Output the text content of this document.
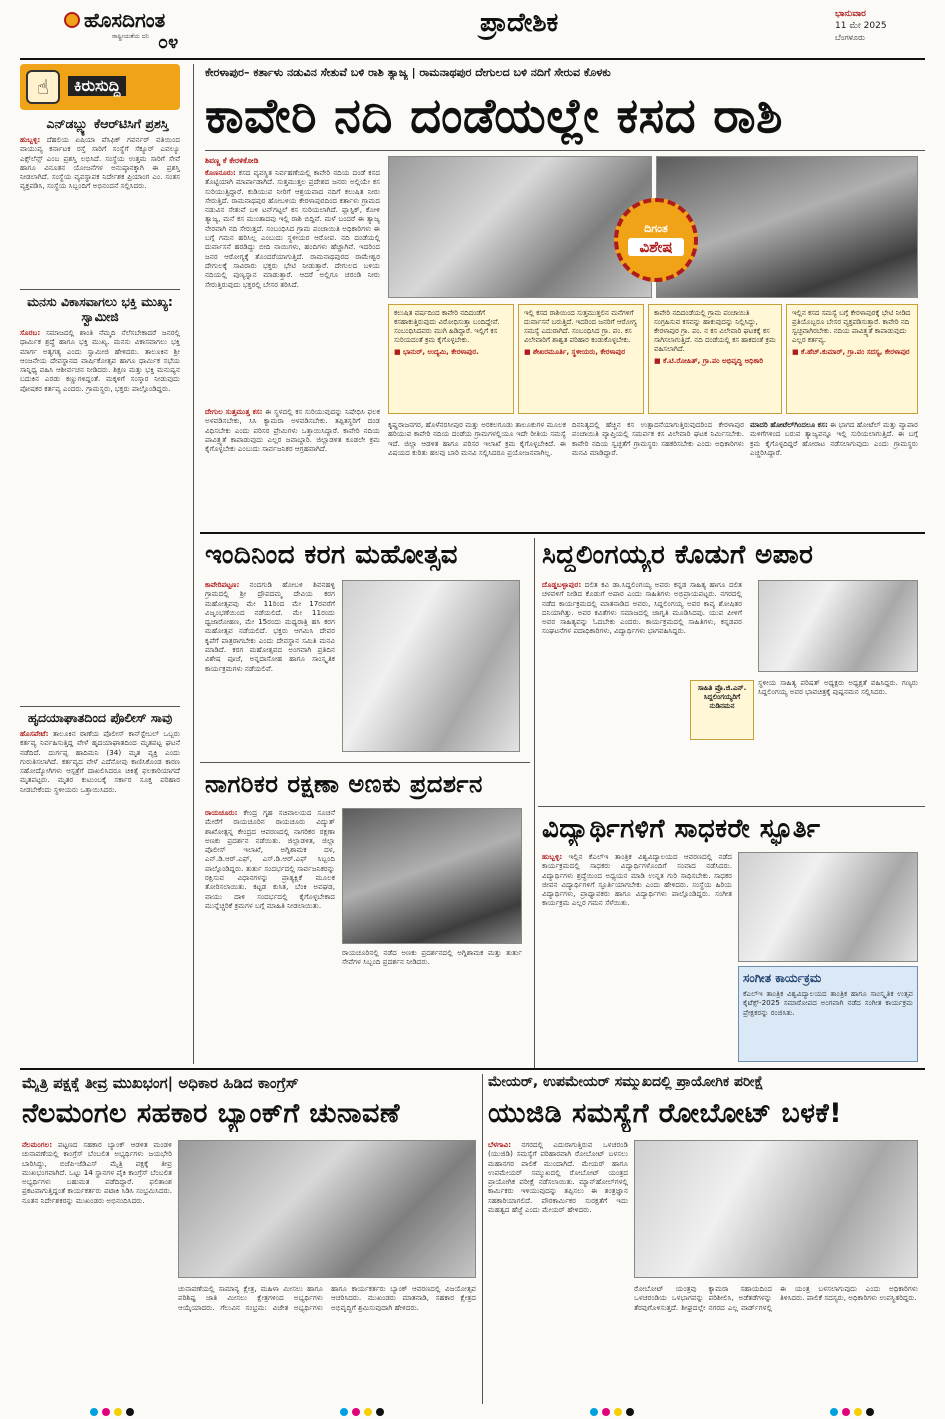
ಹೊಸದಿಗಂತ
ರಾಷ್ಟ್ರೀಯತೆಯ ದನಿ ೦೪
ಪ್ರಾದೇಶಿಕ	ಭಾನುವಾರ
11 ಮೇ 2025
ಬೆಂಗಳೂರು
☝	ಕಿರುಸುದ್ದಿ
ಎನ್‌ಡಬ್ಲ್ಯು ಕೆಆರ್‌ಟಿಸಿಗೆ ಪ್ರಶಸ್ತಿ
ಹುಬ್ಬಳ್ಳಿ: ದೆಹಲಿಯ ಏಷಿಯಾ ಪೆಸಿಫಿಕ್ ಗವರ್ನರ್ ವತಿಯಿಂದ ವಾಯುವ್ಯ ಕರ್ನಾಟಕ ರಸ್ತೆ ಸಾರಿಗೆ ಸಂಸ್ಥೆಗೆ ಸೆಕ್ಯೂರ್ ಎವಲ್ಯೂ ಎಕ್ಸ್‌ಲೆನ್ಸ್ ಎಂಬ ಪ್ರಶಸ್ತಿ ಲಭಿಸಿದೆ. ಸಂಸ್ಥೆಯ ಉತ್ತಮ ಸಾರಿಗೆ ಸೇವೆ ಹಾಗೂ ವಿನೂತನ ಯೋಜನೆಗಳ ಅನುಷ್ಠಾನಕ್ಕಾಗಿ ಈ ಪ್ರಶಸ್ತಿ ನೀಡಲಾಗಿದೆ. ಸಂಸ್ಥೆಯ ವ್ಯವಸ್ಥಾಪಕ ನಿರ್ದೇಶಕ ಪ್ರಿಯಾಂಗ ಎಂ. ಸಂತಸ ವ್ಯಕ್ತಪಡಿಸಿ, ಸಂಸ್ಥೆಯ ಸಿಬ್ಬಂದಿಗೆ ಅಭಿನಂದನೆ ಸಲ್ಲಿಸಿದರು.
ಮನಸು ವಿಕಾಸವಾಗಲು ಭಕ್ತಿ ಮುಖ್ಯ: ಸ್ವಾಮೀಜಿ
ಸೊರಬ: ಸಮಾಜದಲ್ಲಿ ಶಾಂತಿ ನೆಮ್ಮದಿ ನೆಲೆಸಬೇಕಾದರೆ ಜನರಲ್ಲಿ ಧಾರ್ಮಿಕ ಶ್ರದ್ಧೆ ಹಾಗೂ ಭಕ್ತಿ ಮುಖ್ಯ. ಮನಸು ವಿಕಾಸವಾಗಲು ಭಕ್ತಿ ಮಾರ್ಗ ಅತ್ಯಗತ್ಯ ಎಂದು ಸ್ವಾಮೀಜಿ ಹೇಳಿದರು. ತಾಲೂಕಿನ ಶ್ರೀ ಆಂಜನೇಯ ದೇವಸ್ಥಾನದ ವಾರ್ಷಿಕೋತ್ಸವ ಹಾಗೂ ಧಾರ್ಮಿಕ ಸಭೆಯ ಸಾನ್ನಿಧ್ಯ ವಹಿಸಿ ಆಶೀರ್ವಚನ ನೀಡಿದರು. ಶಿಕ್ಷಣ ಮತ್ತು ಭಕ್ತಿ ಮನುಷ್ಯನ ಬದುಕಿನ ಎರಡು ಕಣ್ಣುಗಳಿದ್ದಂತೆ. ಮಕ್ಕಳಿಗೆ ಸಂಸ್ಕಾರ ನೀಡುವುದು ಪೋಷಕರ ಕರ್ತವ್ಯ ಎಂದರು. ಗ್ರಾಮಸ್ಥರು, ಭಕ್ತರು ಪಾಲ್ಗೊಂಡಿದ್ದರು.
ಹೃದಯಾಘಾತದಿಂದ ಪೊಲೀಸ್ ಸಾವು
ಹೊಸಪೇಟೆ: ತಾಲೂಕಿನ ಠಾಣೆಯ ಪೊಲೀಸ್ ಕಾನ್‌ಸ್ಟೇಬಲ್ ಒಬ್ಬರು ಕರ್ತವ್ಯ ನಿರ್ವಹಿಸುತ್ತಿದ್ದ ವೇಳೆ ಹೃದಯಾಘಾತದಿಂದ ಮೃತಪಟ್ಟ ಘಟನೆ ನಡೆದಿದೆ. ದುರ್ಗಪ್ಪ ಹಾದಿಮನಿ (34) ಮೃತ ವ್ಯಕ್ತಿ ಎಂದು ಗುರುತಿಸಲಾಗಿದೆ. ಕರ್ತವ್ಯದ ವೇಳೆ ಎದೆನೋವು ಕಾಣಿಸಿಕೊಂಡ ಕಾರಣ ಸಹೋದ್ಯೋಗಿಗಳು ಆಸ್ಪತ್ರೆಗೆ ದಾಖಲಿಸಿದರೂ ಚಿಕಿತ್ಸೆ ಫಲಕಾರಿಯಾಗದೆ ಮೃತಪಟ್ಟರು. ಮೃತರ ಕುಟುಂಬಕ್ಕೆ ಸರ್ಕಾರ ಸೂಕ್ತ ಪರಿಹಾರ ನೀಡಬೇಕೆಂದು ಸ್ಥಳೀಯರು ಒತ್ತಾಯಿಸಿದರು.
ಕೇರಳಾಪುರ– ಕರ್ತಾಳು ನಡುವಿನ ಸೇತುವೆ ಬಳಿ ರಾಶಿ ತ್ಯಾಜ್ಯ | ರಾಮನಾಥಪುರ ದೇಗುಲದ ಬಳಿ ನದಿಗೆ ಸೇರುವ ಕೊಳಕು
ಕಾವೇರಿ ನದಿ ದಂಡೆಯಲ್ಲೇ ಕಸದ ರಾಶಿ
ಶಿವಣ್ಣ ಕೆ ಕೇರಳಿಕೋಡಿ
ಕೊಣನೂರು: ಕಸದ ವ್ಯವಸ್ಥಿತ ನಿರ್ವಹಣೆಯಲ್ಲಿ ಕಾವೇರಿ ನದಿಯ ದಂಡೆ ಕಸದ ತೊಟ್ಟಿಯಾಗಿ ಮಾರ್ಪಾಡಾಗಿದೆ. ಸುತ್ತಮುತ್ತಲ ಪ್ರದೇಶದ ಜನರು ಅಲ್ಲಿಯೇ ಕಸ ಸುರಿಯುತ್ತಿದ್ದಾರೆ. ಕುಡಿಯುವ ನೀರಿಗೆ ಆಶ್ರಯವಾದ ನದಿಗೆ ಕಲುಷಿತ ನೀರು ಸೇರುತ್ತಿದೆ. ರಾಮನಾಥಪುರ ಹೋಬಳಿಯ ಕೇರಳಾಪುರದಿಂದ ಕರ್ತಾಳು ಗ್ರಾಮದ ನಡುವಿನ ಸೇತುವೆ ಬಳಿ ಟನ್‌ಗಟ್ಟಲೆ ಕಸ ಸುರಿಯಲಾಗಿದೆ. ಪ್ಲಾಸ್ಟಿಕ್, ಕೋಳಿ ತ್ಯಾಜ್ಯ, ಮನೆ ಕಸ ಮುಂತಾದವು ಇಲ್ಲಿ ರಾಶಿ ಬಿದ್ದಿವೆ. ಮಳೆ ಬಂದರೆ ಈ ತ್ಯಾಜ್ಯ ನೇರವಾಗಿ ನದಿ ಸೇರುತ್ತದೆ. ಸಂಬಂಧಿಸಿದ ಗ್ರಾಮ ಪಂಚಾಯಿತಿ ಅಧಿಕಾರಿಗಳು ಈ ಬಗ್ಗೆ ಗಮನ ಹರಿಸಿಲ್ಲ ಎಂಬುದು ಸ್ಥಳೀಯರ ಆರೋಪ. ನದಿ ದಂಡೆಯಲ್ಲಿ ದುರ್ವಾಸನೆ ಹರಡಿದ್ದು ಬೀದಿ ನಾಯಿಗಳು, ಹಂದಿಗಳು ಹೆಚ್ಚಾಗಿವೆ. ಇದರಿಂದ ಜನರ ಆರೋಗ್ಯಕ್ಕೆ ತೊಂದರೆಯಾಗುತ್ತಿದೆ. ರಾಮನಾಥಪುರದ ರಾಮೇಶ್ವರ ದೇಗುಲಕ್ಕೆ ಸಾವಿರಾರು ಭಕ್ತರು ಭೇಟಿ ನೀಡುತ್ತಾರೆ. ದೇಗುಲದ ಬಳಿಯ ನದಿಯಲ್ಲಿ ಪುಣ್ಯಸ್ನಾನ ಮಾಡುತ್ತಾರೆ. ಆದರೆ ಅಲ್ಲಿಗೂ ಚರಂಡಿ ನೀರು ಸೇರುತ್ತಿರುವುದು ಭಕ್ತರಲ್ಲಿ ಬೇಸರ ತರಿಸಿದೆ.
ದೇಗುಲ ಸುತ್ತಮುತ್ತ ಕಸ: ಈ ಸ್ಥಳದಲ್ಲಿ ಕಸ ಸುರಿಯುವುದನ್ನು ನಿಷೇಧಿಸಿ ಫಲಕ ಅಳವಡಿಸಬೇಕು, ಸಿಸಿ ಕ್ಯಾಮರಾ ಅಳವಡಿಸಬೇಕು. ತಪ್ಪಿತಸ್ಥರಿಗೆ ದಂಡ ವಿಧಿಸಬೇಕು ಎಂದು ಪರಿಸರ ಪ್ರೇಮಿಗಳು ಒತ್ತಾಯಿಸಿದ್ದಾರೆ. ಕಾವೇರಿ ನದಿಯ ಪಾವಿತ್ರ್ಯತೆ ಕಾಪಾಡುವುದು ಎಲ್ಲರ ಜವಾಬ್ದಾರಿ. ಜಿಲ್ಲಾಡಳಿತ ಕೂಡಲೇ ಕ್ರಮ ಕೈಗೊಳ್ಳಬೇಕು ಎಂಬುದು ಸಾರ್ವಜನಿಕರ ಆಗ್ರಹವಾಗಿದೆ.
ದಿಗಂತ
ವಿಶೇಷ
ಕಲುಷಿತ ವರ್ಷದಿಂದ ಕಾವೇರಿ ನದಿದಂಡೆಗೆ ಕಸಹಾಕುತ್ತಿರುವುದು ವಿರೋಧಿಸುತ್ತಾ ಬಂದಿದ್ದೇವೆ. ಸಂಬಂಧಿಸಿದವರು ಮುಗಿ ಹಿಡಿದ್ದಾರೆ. ಇಲ್ಲಿಗೆ ಕಸ ಸುರಿಯದಂತೆ ಕ್ರಮ ಕೈಗೊಳ್ಳಬೇಕು.
■ ಭಾನುರ್, ಉದ್ಯಮಿ, ಕೇರಳಾಪುರ.
ಇಲ್ಲಿ ಕಸದ ರಾಶಿಯಿಂದ ಸುತ್ತಮುತ್ತಲಿನ ಮನೆಗಳಿಗೆ ದುರ್ವಾಸನೆ ಬರುತ್ತಿದೆ. ಇದರಿಂದ ಜನರಿಗೆ ಆರೋಗ್ಯ ಸಮಸ್ಯೆ ಎದುರಾಗಿದೆ. ಸಂಬಂಧಿಸಿದ ಗ್ರಾ. ಪಂ. ಕಸ ವಿಲೇವಾರಿಗೆ ಶಾಶ್ವತ ಪರಿಹಾರ ಕಂಡುಕೊಳ್ಳಬೇಕು.
■ ಶೇಖರಮೂರ್ತಿ, ಸ್ಥಳೀಯರು, ಕೇರಳಾಪುರ
ಕಾವೇರಿ ನದಿದಂಡೆಯಲ್ಲಿ ಗ್ರಾಮ ಪಂಚಾಯಿತಿ ಸಂಗ್ರಹಿಸುವ ಕಸವನ್ನು ಹಾಕುವುದನ್ನು ನಿಲ್ಲಿಸಿದ್ದು, ಕೇರಳಾಪುರ ಗ್ರಾ. ಪಂ. ನ ಕಸ ವಿಲೇವಾರಿ ಘಟಕಕ್ಕೆ ಕಸ ಸಾಗಿಸಲಾಗುತ್ತಿದೆ. ನದಿ ದಂಡೆಯಲ್ಲಿ ಕಸ ಹಾಕದಂತೆ ಕ್ರಮ ವಹಿಸಲಾಗಿದೆ.
■ ಕೆ.ಟಿ.ರೋಹಿತ್, ಗ್ರಾ.ಪಂ ಅಭಿವೃದ್ಧಿ ಅಧಿಕಾರಿ
ಇಲ್ಲಿನ ಕಸದ ಸಮಸ್ಯೆ ಬಗ್ಗೆ ಕೇರಳಾಪುರಕ್ಕೆ ಭೇಟಿ ನೀಡಿದ ಪ್ರತಿಯೊಬ್ಬರೂ ಬೇಸರ ವ್ಯಕ್ತಪಡಿಸುತ್ತಾರೆ. ಕಾವೇರಿ ನದಿ ಸ್ವಚ್ಛವಾಗಿರಬೇಕು. ನದಿಯ ಪಾವಿತ್ರ್ಯತೆ ಕಾಪಾಡುವುದು ಎಲ್ಲರ ಕರ್ತವ್ಯ.
■ ಕೆ.ಹೆಚ್.ಕುಮಾರ್, ಗ್ರಾ.ಪಂ ಸದಸ್ಯ, ಕೇರಳಾಪುರ
ಕೃಷ್ಣರಾಜನಗರ, ಹೊಳೆನರಸೀಪುರ ಮತ್ತು ಅರಕಲಗೂಡು ತಾಲೂಕುಗಳ ಮೂಲಕ ಹರಿಯುವ ಕಾವೇರಿ ನದಿಯ ದಂಡೆಯ ಗ್ರಾಮಗಳಲ್ಲಿಯೂ ಇದೇ ರೀತಿಯ ಸಮಸ್ಯೆ ಇದೆ. ಜಿಲ್ಲಾ ಆಡಳಿತ ಹಾಗೂ ಪರಿಸರ ಇಲಾಖೆ ಕ್ರಮ ಕೈಗೊಳ್ಳಬೇಕಿದೆ. ಈ ವಿಷಯದ ಕುರಿತು ಹಲವು ಬಾರಿ ಮನವಿ ಸಲ್ಲಿಸಿದರೂ ಪ್ರಯೋಜನವಾಗಿಲ್ಲ.
ದಿನನಿತ್ಯದಲ್ಲಿ ಹೆಚ್ಚಿನ ಕಸ ಉತ್ಪಾದನೆಯಾಗುತ್ತಿರುವುದರಿಂದ ಕೇರಳಾಪುರ ಪಂಚಾಯಿತಿ ವ್ಯಾಪ್ತಿಯಲ್ಲಿ ಸಮರ್ಪಕ ಕಸ ವಿಲೇವಾರಿ ಘಟಕ ನಿರ್ಮಿಸಬೇಕು. ಕಾವೇರಿ ನದಿಯ ಸ್ವಚ್ಛತೆಗೆ ಗ್ರಾಮಸ್ಥರು ಸಹಕರಿಸಬೇಕು ಎಂದು ಅಧಿಕಾರಿಗಳು ಮನವಿ ಮಾಡಿದ್ದಾರೆ.
ಮಾದರಿ ಹೋಟೆಲ್‌ಗಿಂದಲೂ ಕಸ: ಈ ಭಾಗದ ಹೋಟೆಲ್ ಮತ್ತು ವ್ಯಾಪಾರ ಮಳಿಗೆಗಳಿಂದ ಬರುವ ತ್ಯಾಜ್ಯವನ್ನೂ ಇಲ್ಲಿ ಸುರಿಯಲಾಗುತ್ತಿದೆ. ಈ ಬಗ್ಗೆ ಕ್ರಮ ಕೈಗೊಳ್ಳದಿದ್ದರೆ ಹೋರಾಟ ನಡೆಸಲಾಗುವುದು ಎಂದು ಗ್ರಾಮಸ್ಥರು ಎಚ್ಚರಿಸಿದ್ದಾರೆ.
ಇಂದಿನಿಂದ ಕರಗ ಮಹೋತ್ಸವ
ಕಾವೇರಿಪಟ್ಟಣ: ನಂದಗುಡಿ ಹೋಬಳಿ ಶಿವನಹಳ್ಳಿ ಗ್ರಾಮದಲ್ಲಿ ಶ್ರೀ ದ್ರೌಪದಮ್ಮ ದೇವಿಯ ಕರಗ ಮಹೋತ್ಸವವು ಮೇ 11ರಿಂದ ಮೇ 17ರವರೆಗೆ ವಿಜೃಂಭಣೆಯಿಂದ ನಡೆಯಲಿದೆ. ಮೇ 11ರಂದು ಧ್ವಜಾರೋಹಣ, ಮೇ 15ರಂದು ಮಧ್ಯರಾತ್ರಿ ಹಸಿ ಕರಗ ಮಹೋತ್ಸವ ನಡೆಯಲಿದೆ. ಭಕ್ತರು ಆಗಮಿಸಿ ದೇವರ ಕೃಪೆಗೆ ಪಾತ್ರರಾಗಬೇಕು ಎಂದು ದೇವಸ್ಥಾನ ಸಮಿತಿ ಮನವಿ ಮಾಡಿದೆ. ಕರಗ ಮಹೋತ್ಸವದ ಅಂಗವಾಗಿ ಪ್ರತಿದಿನ ವಿಶೇಷ ಪೂಜೆ, ಅನ್ನದಾಸೋಹ ಹಾಗೂ ಸಾಂಸ್ಕೃತಿಕ ಕಾರ್ಯಕ್ರಮಗಳು ನಡೆಯಲಿವೆ.
ನಾಗರಿಕರ ರಕ್ಷಣಾ ಅಣಕು ಪ್ರದರ್ಶನ
ರಾಯಚೂರು: ಕೇಂದ್ರ ಗೃಹ ಸಚಿವಾಲಯದ ಸೂಚನೆ ಮೇರೆಗೆ ರಾಯಚೂರಿನ ರಾಯಚೂರು ವಿದ್ಯುತ್ ಶಾಖೋತ್ಪನ್ನ ಕೇಂದ್ರದ ಆವರಣದಲ್ಲಿ ನಾಗರಿಕರ ರಕ್ಷಣಾ ಅಣಕು ಪ್ರದರ್ಶನ ನಡೆಯಿತು. ಜಿಲ್ಲಾಡಳಿತ, ಜಿಲ್ಲಾ ಪೊಲೀಸ್ ಇಲಾಖೆ, ಅಗ್ನಿಶಾಮಕ ದಳ, ಎನ್.ಡಿ.ಆರ್.ಎಫ್, ಎಸ್.ಡಿ.ಆರ್.ಎಫ್ ಸಿಬ್ಬಂದಿ ಪಾಲ್ಗೊಂಡಿದ್ದರು. ತುರ್ತು ಸಂದರ್ಭದಲ್ಲಿ ಸಾರ್ವಜನಿಕರನ್ನು ರಕ್ಷಿಸುವ ವಿಧಾನಗಳನ್ನು ಪ್ರಾತ್ಯಕ್ಷಿಕೆ ಮೂಲಕ ತೋರಿಸಲಾಯಿತು. ಕಟ್ಟಡ ಕುಸಿತ, ಬೆಂಕಿ ಅವಘಡ, ವಾಯು ದಾಳಿ ಸಂದರ್ಭದಲ್ಲಿ ಕೈಗೊಳ್ಳಬೇಕಾದ ಮುನ್ನೆಚ್ಚರಿಕೆ ಕ್ರಮಗಳ ಬಗ್ಗೆ ಮಾಹಿತಿ ನೀಡಲಾಯಿತು.
ರಾಯಚೂರಿನಲ್ಲಿ ನಡೆದ ಅಣಕು ಪ್ರದರ್ಶನದಲ್ಲಿ ಅಗ್ನಿಶಾಮಕ ಮತ್ತು ತುರ್ತು ಸೇವೆಗಳ ಸಿಬ್ಬಂದಿ ಪ್ರದರ್ಶನ ನೀಡಿದರು.
ಸಿದ್ದಲಿಂಗಯ್ಯರ ಕೊಡುಗೆ ಅಪಾರ
ದೊಡ್ಡಬಳ್ಳಾಪುರ: ದಲಿತ ಕವಿ ಡಾ.ಸಿದ್ದಲಿಂಗಯ್ಯ ಅವರು ಕನ್ನಡ ಸಾಹಿತ್ಯ ಹಾಗೂ ದಲಿತ ಚಳವಳಿಗೆ ನೀಡಿದ ಕೊಡುಗೆ ಅಪಾರ ಎಂದು ಸಾಹಿತಿಗಳು ಅಭಿಪ್ರಾಯಪಟ್ಟರು. ನಗರದಲ್ಲಿ ನಡೆದ ಕಾರ್ಯಕ್ರಮದಲ್ಲಿ ಮಾತನಾಡಿದ ಅವರು, ಸಿದ್ದಲಿಂಗಯ್ಯ ಅವರ ಕಾವ್ಯ ಶೋಷಿತರ ದನಿಯಾಗಿತ್ತು. ಅವರ ಕವಿತೆಗಳು ಸಮಾಜದಲ್ಲಿ ಜಾಗೃತಿ ಮೂಡಿಸಿದವು. ಯುವ ಪೀಳಿಗೆ ಅವರ ಸಾಹಿತ್ಯವನ್ನು ಓದಬೇಕು ಎಂದರು. ಕಾರ್ಯಕ್ರಮದಲ್ಲಿ ಸಾಹಿತಿಗಳು, ಕನ್ನಡಪರ ಸಂಘಟನೆಗಳ ಪದಾಧಿಕಾರಿಗಳು, ವಿದ್ಯಾರ್ಥಿಗಳು ಭಾಗವಹಿಸಿದ್ದರು.
ಸಾಹಿತಿ ಪ್ರೊ.ಜಿ.ಎನ್. ಸಿದ್ದಲಿಂಗಯ್ಯರಿಗೆ ನುಡಿನಮನ
ಸ್ಥಳೀಯ ಸಾಹಿತ್ಯ ಪರಿಷತ್ ಅಧ್ಯಕ್ಷರು ಅಧ್ಯಕ್ಷತೆ ವಹಿಸಿದ್ದರು. ಗಣ್ಯರು ಸಿದ್ದಲಿಂಗಯ್ಯ ಅವರ ಭಾವಚಿತ್ರಕ್ಕೆ ಪುಷ್ಪನಮನ ಸಲ್ಲಿಸಿದರು.
ವಿದ್ಯಾರ್ಥಿಗಳಿಗೆ ಸಾಧಕರೇ ಸ್ಫೂರ್ತಿ
ಹುಬ್ಬಳ್ಳಿ: ಇಲ್ಲಿನ ಕೆಎಲ್‌ಇ ತಾಂತ್ರಿಕ ವಿಶ್ವವಿದ್ಯಾಲಯದ ಆವರಣದಲ್ಲಿ ನಡೆದ ಕಾರ್ಯಕ್ರಮದಲ್ಲಿ ಸಾಧಕರು ವಿದ್ಯಾರ್ಥಿಗಳೊಂದಿಗೆ ಸಂವಾದ ನಡೆಸಿದರು. ವಿದ್ಯಾರ್ಥಿಗಳು ಶ್ರದ್ಧೆಯಿಂದ ಅಧ್ಯಯನ ಮಾಡಿ ಉನ್ನತ ಗುರಿ ಸಾಧಿಸಬೇಕು. ಸಾಧಕರ ಜೀವನ ವಿದ್ಯಾರ್ಥಿಗಳಿಗೆ ಸ್ಫೂರ್ತಿಯಾಗಬೇಕು ಎಂದು ಹೇಳಿದರು. ಸಂಸ್ಥೆಯ ಹಿರಿಯ ವಿದ್ಯಾರ್ಥಿಗಳು, ಪ್ರಾಧ್ಯಾಪಕರು ಹಾಗೂ ವಿದ್ಯಾರ್ಥಿಗಳು ಪಾಲ್ಗೊಂಡಿದ್ದರು. ಸಂಗೀತ ಕಾರ್ಯಕ್ರಮ ಎಲ್ಲರ ಗಮನ ಸೆಳೆಯಿತು.
ಸಂಗೀತ ಕಾರ್ಯಕ್ರಮ
ಕೆಎಲ್‌ಇ ತಾಂತ್ರಿಕ ವಿಶ್ವವಿದ್ಯಾಲಯದ ತಾಂತ್ರಿಕ ಹಾಗೂ ಸಾಂಸ್ಕೃತಿಕ ಉತ್ಸವ ಕೈಟೆಕ್ಸ್-2025 ಸಮಾರೋಪದ ಅಂಗವಾಗಿ ನಡೆದ ಸಂಗೀತ ಕಾರ್ಯಕ್ರಮ ಪ್ರೇಕ್ಷಕರನ್ನು ರಂಜಿಸಿತು.
ಮೈತ್ರಿ ಪಕ್ಷಕ್ಕೆ ತೀವ್ರ ಮುಖಭಂಗ| ಅಧಿಕಾರ ಹಿಡಿದ ಕಾಂಗ್ರೆಸ್
ನೆಲಮಂಗಲ ಸಹಕಾರ ಬ್ಯಾಂಕ್‌ಗೆ ಚುನಾವಣೆ
ನೆಲಮಂಗಲ: ಪಟ್ಟಣದ ಸಹಕಾರ ಬ್ಯಾಂಕ್ ಆಡಳಿತ ಮಂಡಳಿ ಚುನಾವಣೆಯಲ್ಲಿ ಕಾಂಗ್ರೆಸ್ ಬೆಂಬಲಿತ ಅಭ್ಯರ್ಥಿಗಳು ಜಯಭೇರಿ ಬಾರಿಸಿದ್ದು, ಬಿಜೆಪಿ-ಜೆಡಿಎಸ್ ಮೈತ್ರಿ ಪಕ್ಷಕ್ಕೆ ತೀವ್ರ ಮುಖಭಂಗವಾಗಿದೆ. ಒಟ್ಟು 14 ಸ್ಥಾನಗಳ ಪೈಕಿ ಕಾಂಗ್ರೆಸ್ ಬೆಂಬಲಿತ ಅಭ್ಯರ್ಥಿಗಳು ಬಹುಮತ ಪಡೆದಿದ್ದಾರೆ. ಫಲಿತಾಂಶ ಪ್ರಕಟವಾಗುತ್ತಿದ್ದಂತೆ ಕಾರ್ಯಕರ್ತರು ಪಟಾಕಿ ಸಿಡಿಸಿ ಸಂಭ್ರಮಿಸಿದರು. ನೂತನ ನಿರ್ದೇಶಕರನ್ನು ಮುಖಂಡರು ಅಭಿನಂದಿಸಿದರು.
ಚುನಾವಣೆಯಲ್ಲಿ ಸಾಮಾನ್ಯ ಕ್ಷೇತ್ರ, ಮಹಿಳಾ ಮೀಸಲು ಹಾಗೂ ಪರಿಶಿಷ್ಟ ಜಾತಿ ಮೀಸಲು ಕ್ಷೇತ್ರಗಳಿಂದ ಅಭ್ಯರ್ಥಿಗಳು ಆಯ್ಕೆಯಾದರು. ಗೆಲುವಿನ ಸಂಭ್ರಮ: ವಿಜೇತ ಅಭ್ಯರ್ಥಿಗಳು ಹಾಗೂ ಕಾರ್ಯಕರ್ತರು ಬ್ಯಾಂಕ್ ಆವರಣದಲ್ಲಿ ವಿಜಯೋತ್ಸವ ಆಚರಿಸಿದರು. ಮುಖಂಡರು ಮಾತನಾಡಿ, ಸಹಕಾರ ಕ್ಷೇತ್ರದ ಅಭಿವೃದ್ಧಿಗೆ ಶ್ರಮಿಸುವುದಾಗಿ ಹೇಳಿದರು.
ಮೇಯರ್, ಉಪಮೇಯರ್ ಸಮ್ಮುಖದಲ್ಲಿ ಪ್ರಾಯೋಗಿಕ ಪರೀಕ್ಷೆ
ಯುಜಿಡಿ ಸಮಸ್ಯೆಗೆ ರೋಬೋಟ್ ಬಳಕೆ!
ಬೆಳಗಾವಿ: ನಗರದಲ್ಲಿ ಎದುರಾಗುತ್ತಿರುವ ಒಳಚರಂಡಿ (ಯುಜಿಡಿ) ಸಮಸ್ಯೆಗೆ ಪರಿಹಾರವಾಗಿ ರೋಬೋಟ್ ಬಳಸಲು ಮಹಾನಗರ ಪಾಲಿಕೆ ಮುಂದಾಗಿದೆ. ಮೇಯರ್ ಹಾಗೂ ಉಪಮೇಯರ್ ಸಮ್ಮುಖದಲ್ಲಿ ರೋಬೋಟ್ ಯಂತ್ರದ ಪ್ರಾಯೋಗಿಕ ಪರೀಕ್ಷೆ ನಡೆಸಲಾಯಿತು. ಮ್ಯಾನ್‌ಹೋಲ್‌ಗಳಲ್ಲಿ ಕಾರ್ಮಿಕರು ಇಳಿಯುವುದನ್ನು ತಪ್ಪಿಸಲು ಈ ತಂತ್ರಜ್ಞಾನ ಸಹಕಾರಿಯಾಗಲಿದೆ. ಪೌರಕಾರ್ಮಿಕರ ಸುರಕ್ಷತೆಗೆ ಇದು ಮಹತ್ವದ ಹೆಜ್ಜೆ ಎಂದು ಮೇಯರ್ ಹೇಳಿದರು.
ರೋಬೋಟ್ ಯಂತ್ರವು ಕ್ಯಾಮರಾ ಸಹಾಯದಿಂದ ಒಳಚರಂಡಿಯ ಒಳಭಾಗವನ್ನು ಪರಿಶೀಲಿಸಿ, ಅಡೆತಡೆಗಳನ್ನು ತೆರವುಗೊಳಿಸುತ್ತದೆ. ಶೀಘ್ರದಲ್ಲೇ ನಗರದ ಎಲ್ಲ ವಾರ್ಡ್‌ಗಳಲ್ಲಿ ಈ ಯಂತ್ರ ಬಳಸಲಾಗುವುದು ಎಂದು ಅಧಿಕಾರಿಗಳು ತಿಳಿಸಿದರು. ಪಾಲಿಕೆ ಸದಸ್ಯರು, ಅಧಿಕಾರಿಗಳು ಉಪಸ್ಥಿತರಿದ್ದರು.
